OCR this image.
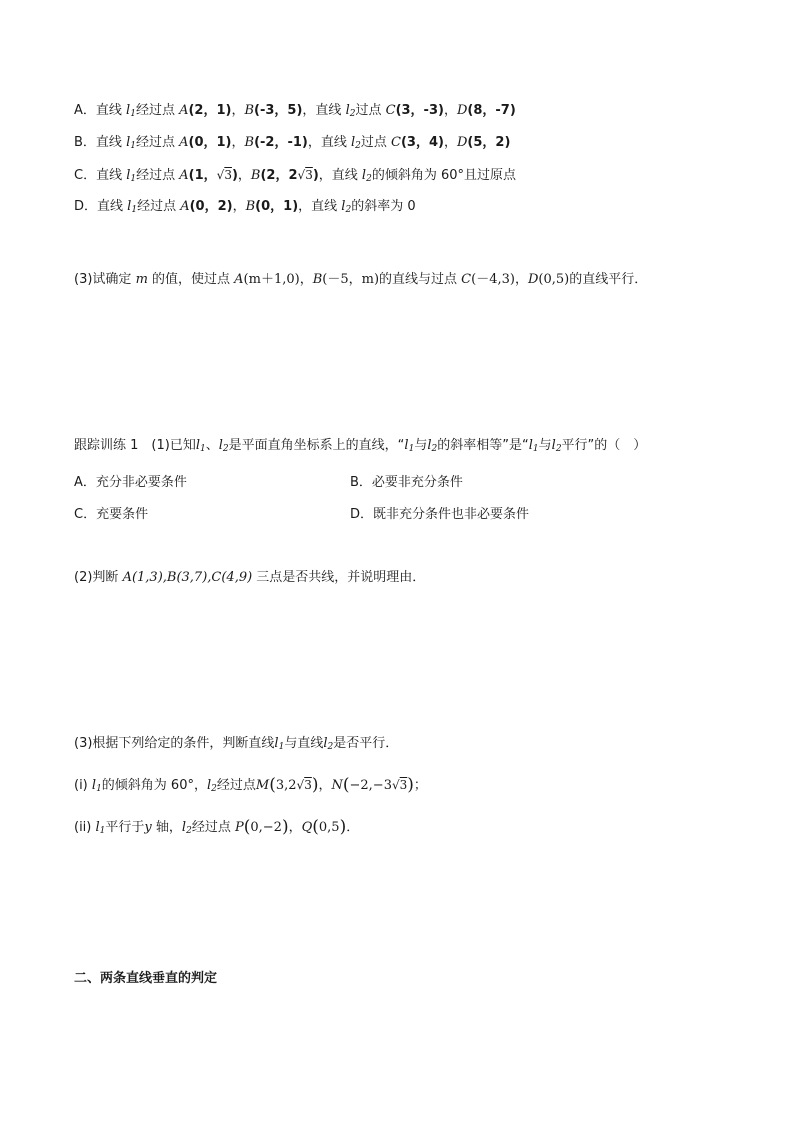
A．直线 $l_1$经过点 A(2，1)，B(-3，5)，直线 $l_2$过点 C(3，-3)，D(8，-7)
B．直线 $l_1$经过点 A(0，1)，B(-2，-1)，直线 $l_2$过点 C(3，4)，D(5，2)
C．直线 $l_1$经过点 A(1，√3)，B(2，2√3)，直线 $l_2$的倾斜角为 60°且过原点
D．直线 $l_1$经过点 A(0，2)，B(0，1)，直线 $l_2$的斜率为 0
(3)试确定 m 的值，使过点 A(m＋1,0)，B(－5，m)的直线与过点 C(－4,3)，D(0,5)的直线平行．
跟踪训练 1　(1)已知$l_1$、$l_2$是平面直角坐标系上的直线，“$l_1$与$l_2$的斜率相等”是“$l_1$与$l_2$平行”的（　）
A．充分非必要条件	B．必要非充分条件
C．充要条件	D．既非充分条件也非必要条件
(2)判断 A(1,3),B(3,7),C(4,9) 三点是否共线，并说明理由．
(3)根据下列给定的条件，判断直线$l_1$与直线$l_2$是否平行．
(i) $l_1$的倾斜角为 60°，$l_2$经过点M(3,2√3)，N(−2,−3√3)；
(ii) $l_1$平行于y 轴，$l_2$经过点 P(0,−2)，Q(0,5)．
二、两条直线垂直的判定
